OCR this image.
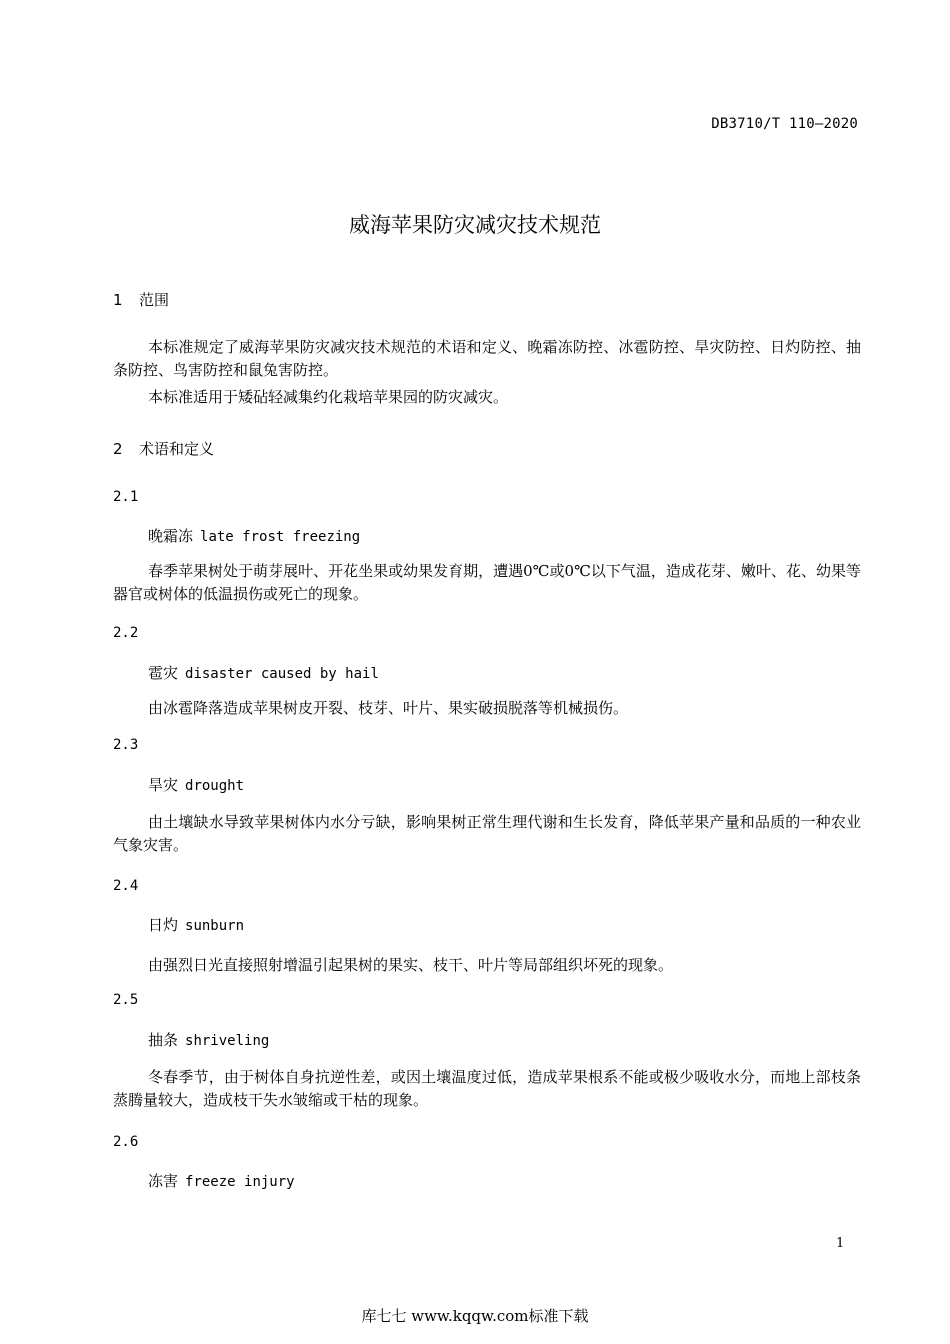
DB3710/T 110—2020
威海苹果防灾减灾技术规范
1 范围
本标准规定了威海苹果防灾减灾技术规范的术语和定义、晚霜冻防控、冰雹防控、旱灾防控、日灼防控、抽条防控、鸟害防控和鼠兔害防控。
本标准适用于矮砧轻减集约化栽培苹果园的防灾减灾。
2 术语和定义
2.1
晚霜冻 late frost freezing
春季苹果树处于萌芽展叶、开花坐果或幼果发育期，遭遇0℃或0℃以下气温，造成花芽、嫩叶、花、幼果等器官或树体的低温损伤或死亡的现象。
2.2
雹灾 disaster caused by hail
由冰雹降落造成苹果树皮开裂、枝芽、叶片、果实破损脱落等机械损伤。
2.3
旱灾 drought
由土壤缺水导致苹果树体内水分亏缺，影响果树正常生理代谢和生长发育，降低苹果产量和品质的一种农业气象灾害。
2.4
日灼 sunburn
由强烈日光直接照射增温引起果树的果实、枝干、叶片等局部组织坏死的现象。
2.5
抽条 shriveling
冬春季节，由于树体自身抗逆性差，或因土壤温度过低，造成苹果根系不能或极少吸收水分，而地上部枝条蒸腾量较大，造成枝干失水皱缩或干枯的现象。
2.6
冻害 freeze injury
1
库七七 www.kqqw.com标准下载
